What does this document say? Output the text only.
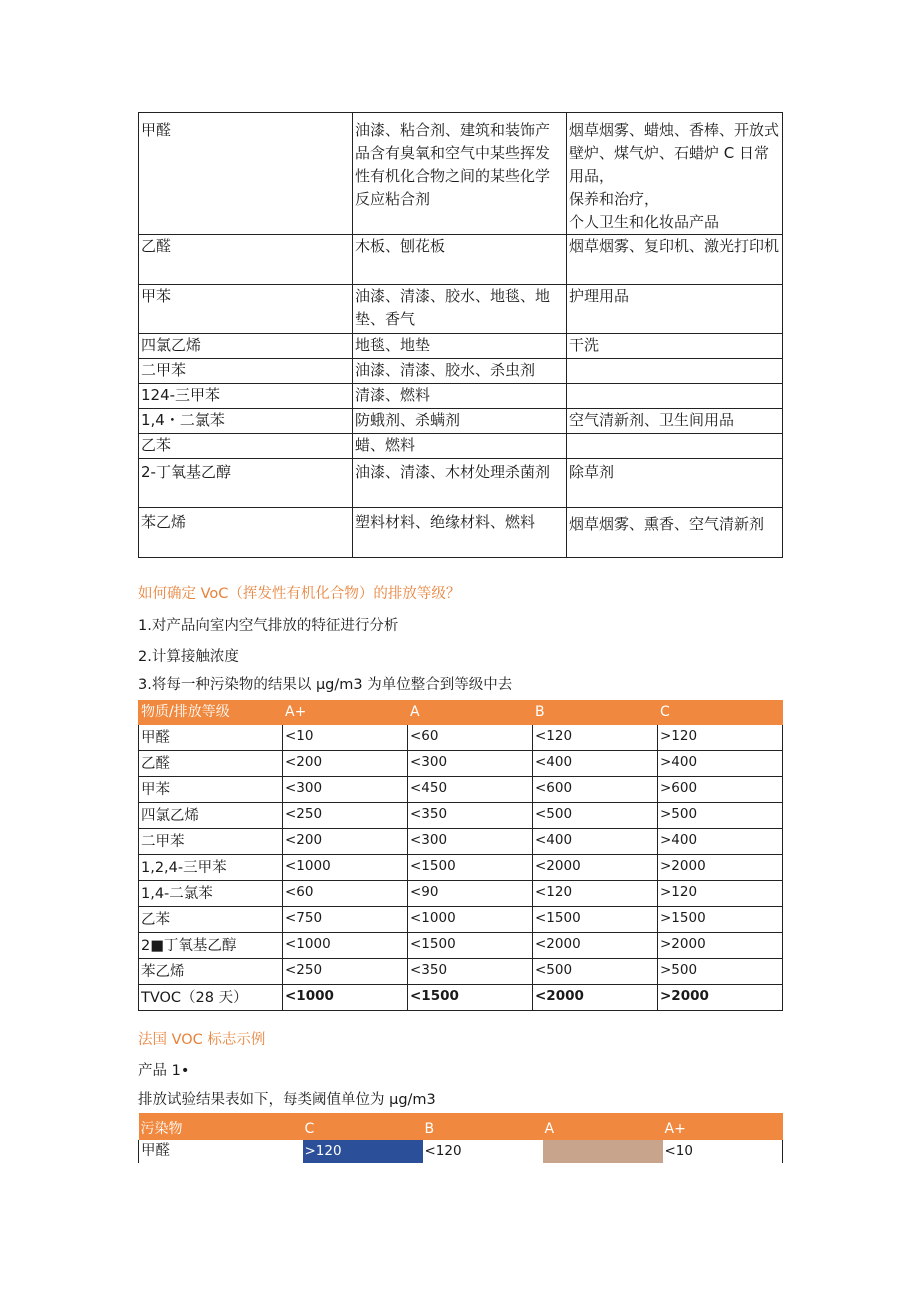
甲醛	油漆、粘合剂、建筑和装饰产品含有臭氧和空气中某些挥发性有机化合物之间的某些化学反应粘合剂	烟草烟雾、蜡烛、香棒、开放式壁炉、煤气炉、石蜡炉 C 日常用品，
保养和治疗，
个人卫生和化妆品产品

乙醛	木板、刨花板	烟草烟雾、复印机、激光打印机
甲苯	油漆、清漆、胶水、地毯、地垫、香气	护理用品
四氯乙烯	地毯、地垫	干洗
二甲苯	油漆、清漆、胶水、杀虫剂	
124-三甲苯	清漆、燃料	
1,4・二氯苯	防蛾剂、杀螨剂	空气清新剂、卫生间用品
乙苯	蜡、燃料	
2-丁氧基乙醇	油漆、清漆、木材处理杀菌剂	除草剂
苯乙烯	塑料材料、绝缘材料、燃料	烟草烟雾、熏香、空气清新剂
如何确定 VoC（挥发性有机化合物）的排放等级？
1.对产品向室内空气排放的特征进行分析
2.计算接触浓度
3.将每一种污染物的结果以 μg∕m3 为单位整合到等级中去
物质/排放等级	A+	A	B	C
甲醛	<10	<60	<120	>120
乙醛	<200	<300	<400	>400
甲苯	<300	<450	<600	>600
四氯乙烯	<250	<350	<500	>500
二甲苯	<200	<300	<400	>400
1,2,4-三甲苯	<1000	<1500	<2000	>2000
1,4-二氯苯	<60	<90	<120	>120
乙苯	<750	<1000	<1500	>1500
2■丁氧基乙醇	<1000	<1500	<2000	>2000
苯乙烯	<250	<350	<500	>500
TVOC（28 天）	<1000	<1500	<2000	>2000
法国 VOC 标志示例
产品 1•
排放试验结果表如下，每类阈值单位为 μg∕m3
污染物	C	B	A	A+
甲醛	>120	<120		<10
